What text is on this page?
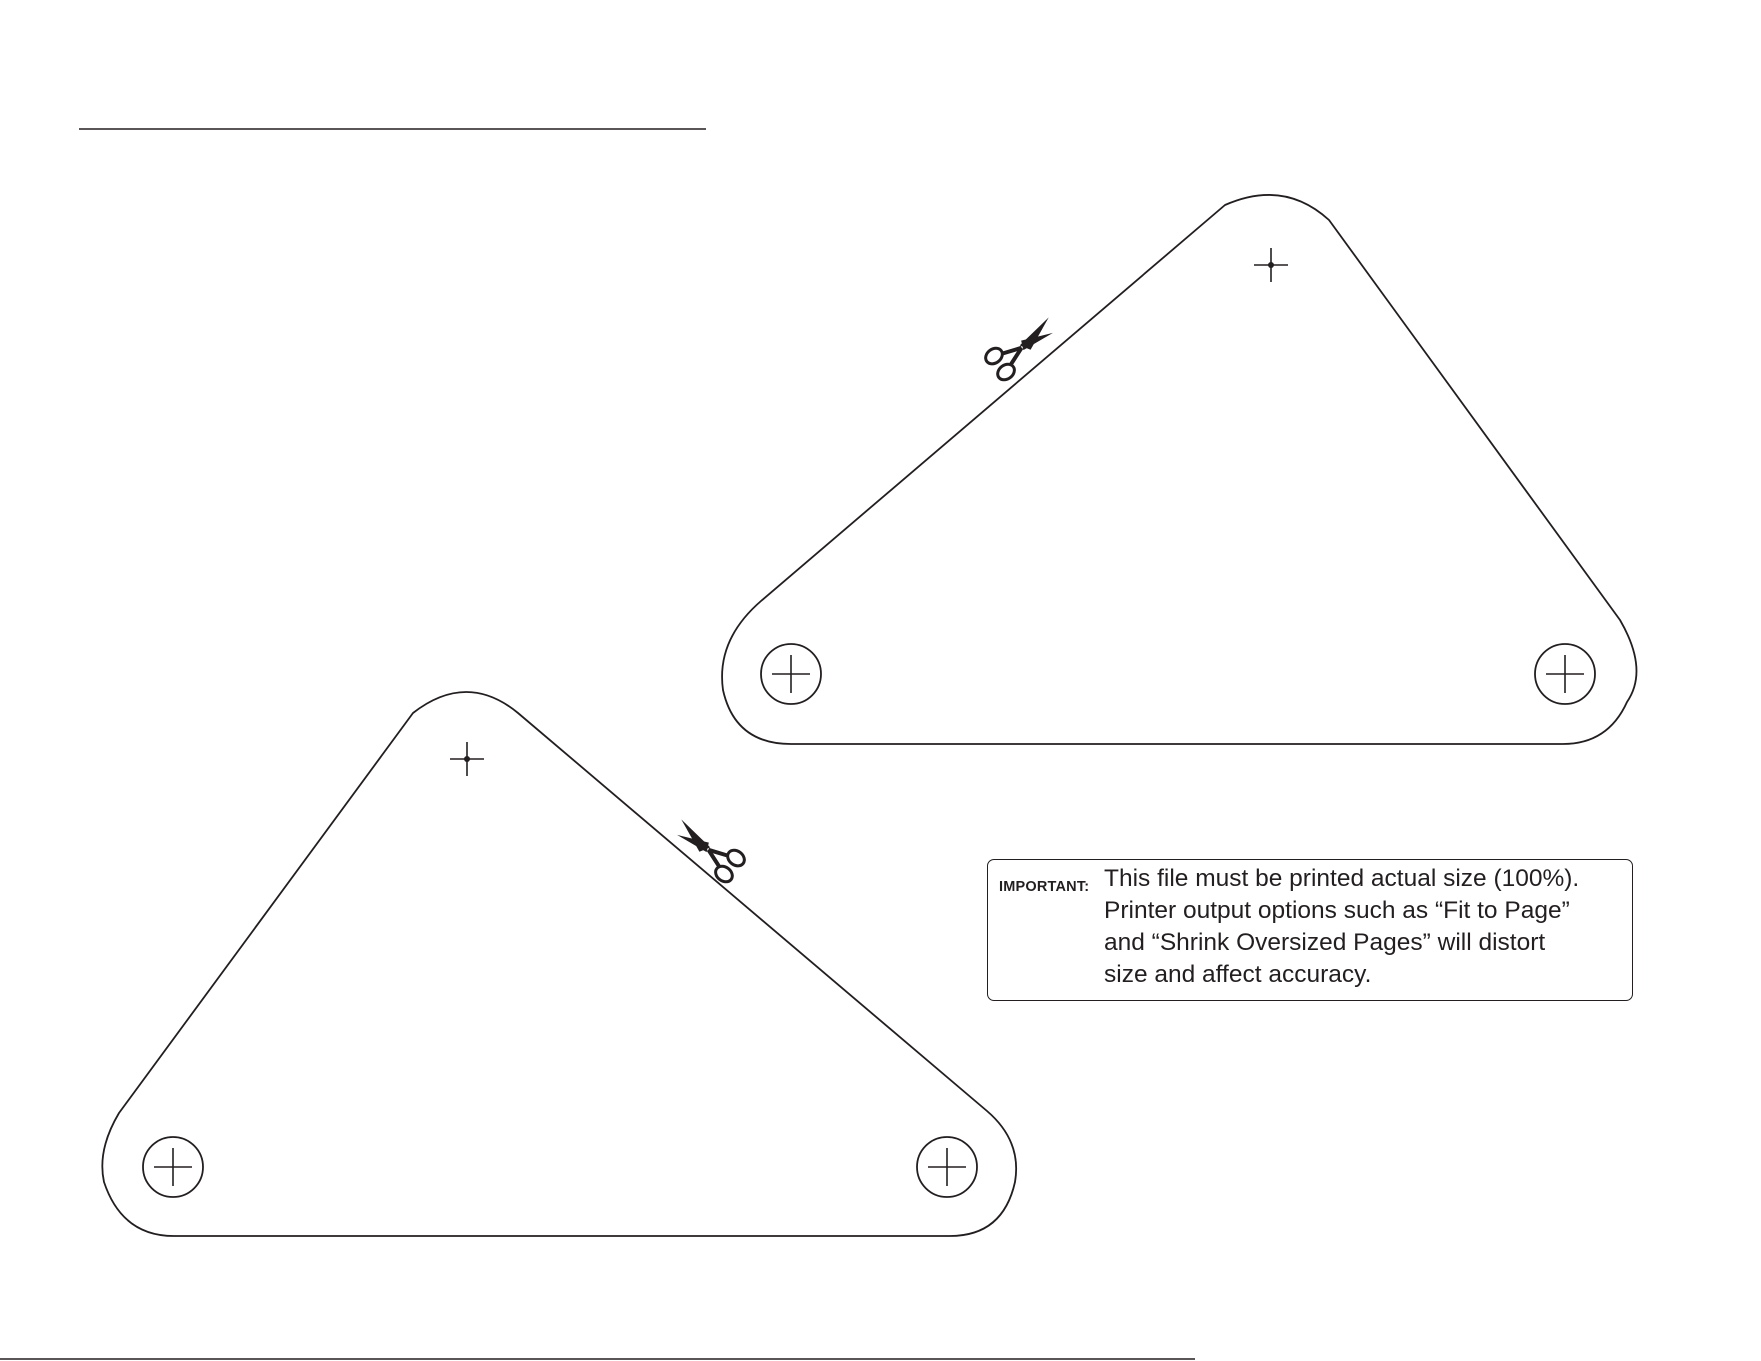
IMPORTANT: This file must be printed actual size (100%).
Printer output options such as “Fit to Page”
and “Shrink Oversized Pages” will distort
size and affect accuracy.
